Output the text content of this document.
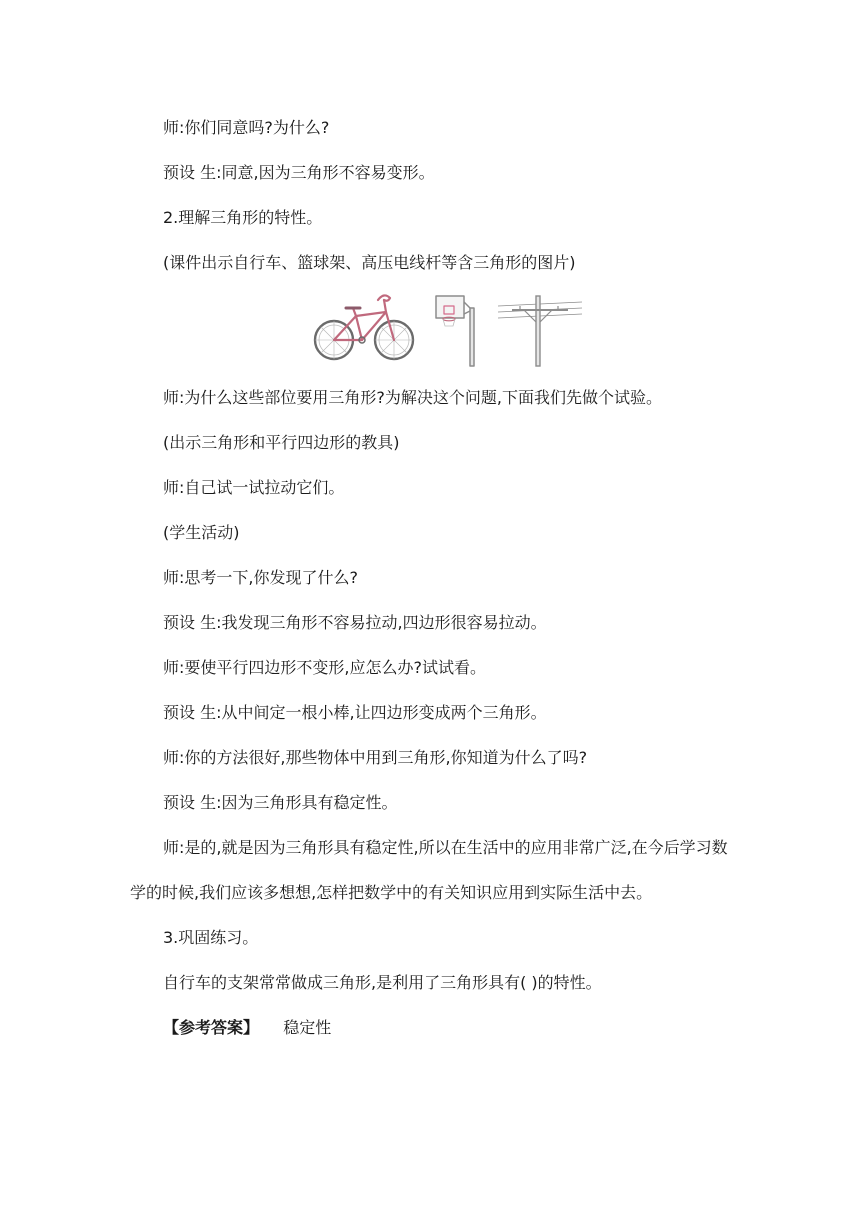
师:你们同意吗?为什么?
预设 生:同意,因为三角形不容易变形。
2.理解三角形的特性。
(课件出示自行车、篮球架、高压电线杆等含三角形的图片)
师:为什么这些部位要用三角形?为解决这个问题,下面我们先做个试验。
(出示三角形和平行四边形的教具)
师:自己试一试拉动它们。
(学生活动)
师:思考一下,你发现了什么?
预设 生:我发现三角形不容易拉动,四边形很容易拉动。
师:要使平行四边形不变形,应怎么办?试试看。
预设 生:从中间定一根小棒,让四边形变成两个三角形。
师:你的方法很好,那些物体中用到三角形,你知道为什么了吗?
预设 生:因为三角形具有稳定性。
师:是的,就是因为三角形具有稳定性,所以在生活中的应用非常广泛,在今后学习数
学的时候,我们应该多想想,怎样把数学中的有关知识应用到实际生活中去。
3.巩固练习。
自行车的支架常常做成三角形,是利用了三角形具有( )的特性。
【参考答案】 稳定性
